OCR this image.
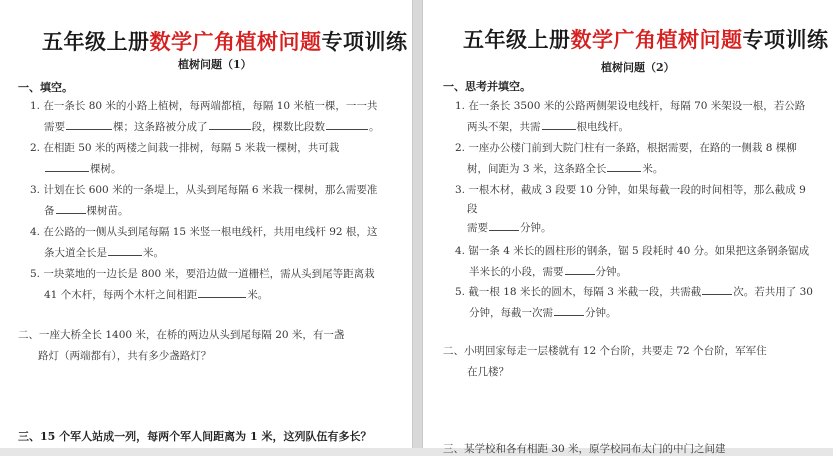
五年级上册数学广角植树问题专项训练
植树问题（1）
一、填空。
1. 在一条长 80 米的小路上植树，每两端都植，每隔 10 米植一棵，一一共
需要	棵；这条路被分成了	段，棵数比段数	。
2. 在相距 50 米的两楼之间栽一排树，每隔 5 米栽一棵树，共可栽
棵树。
3. 计划在长 600 米的一条堤上，从头到尾每隔 6 米栽一棵树，那么需要准
备	棵树苗。
4. 在公路的一侧从头到尾每隔 15 米竖一根电线杆，共用电线杆 92 根，这
条大道全长是	米。
5. 一块菜地的一边长是 800 米，要沿边做一道栅栏，需从头到尾等距离栽
41 个木杆，每两个木杆之间相距	米。
二、一座大桥全长 1400 米，在桥的两边从头到尾每隔 20 米，有一盏
路灯（两端都有），共有多少盏路灯？
三、15 个军人站成一列，每两个军人间距离为 1 米，这列队伍有多长？
五年级上册数学广角植树问题专项训练
植树问题（2）
一、思考并填空。
1. 在一条长 3500 米的公路两侧架设电线杆，每隔 70 米架设一根，若公路
两头不架，共需	根电线杆。
2. 一座办公楼门前到大院门柱有一条路，根据需要，在路的一侧栽 8 棵柳
树，间距为 3 米，这条路全长	米。
3. 一根木材，截成 3 段要 10 分钟，如果每截一段的时间相等，那么截成 9
段
需要	分钟。
4. 锯一条 4 米长的圆柱形的钢条，锯 5 段耗时 40 分。如果把这条钢条锯成
半米长的小段，需要	分钟。
5. 截一根 18 米长的圆木，每隔 3 米截一段，共需截	次。若共用了 30
分钟，每截一次需	分钟。
二、小明回家每走一层楼就有 12 个台阶，共要走 72 个台阶，军军住
在几楼？
三、某学校和各有相距 30 米，原学校同布太门的中门之间建
